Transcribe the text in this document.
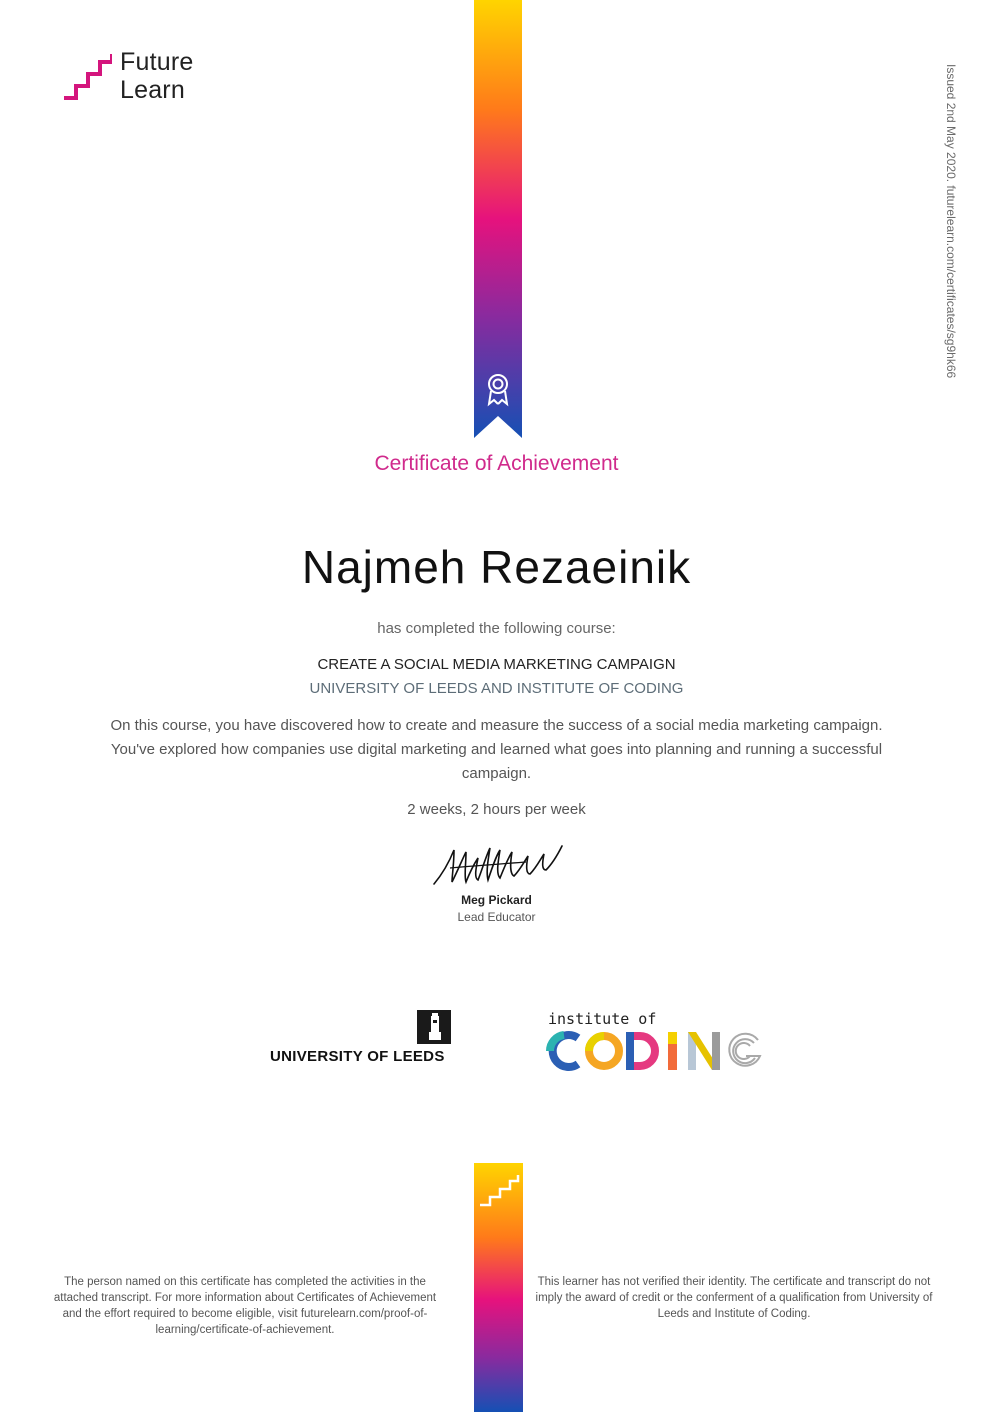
Future
Learn	Issued 2nd May 2020. futurelearn.com/certificates/sg9hk66
Certificate of Achievement
Najmeh Rezaeinik
has completed the following course:
CREATE A SOCIAL MEDIA MARKETING CAMPAIGN
UNIVERSITY OF LEEDS AND INSTITUTE OF CODING
On this course, you have discovered how to create and measure the success of a social media marketing campaign. You've explored how companies use digital marketing and learned what goes into planning and running a successful campaign.
2 weeks, 2 hours per week
Meg Pickard
Lead Educator
UNIVERSITY OF LEEDS
institute of
The person named on this certificate has completed the activities in the attached transcript. For more information about Certificates of Achievement and the effort required to become eligible, visit futurelearn.com/proof-of-learning/certificate-of-achievement.
This learner has not verified their identity. The certificate and transcript do not imply the award of credit or the conferment of a qualification from University of Leeds and Institute of Coding.
